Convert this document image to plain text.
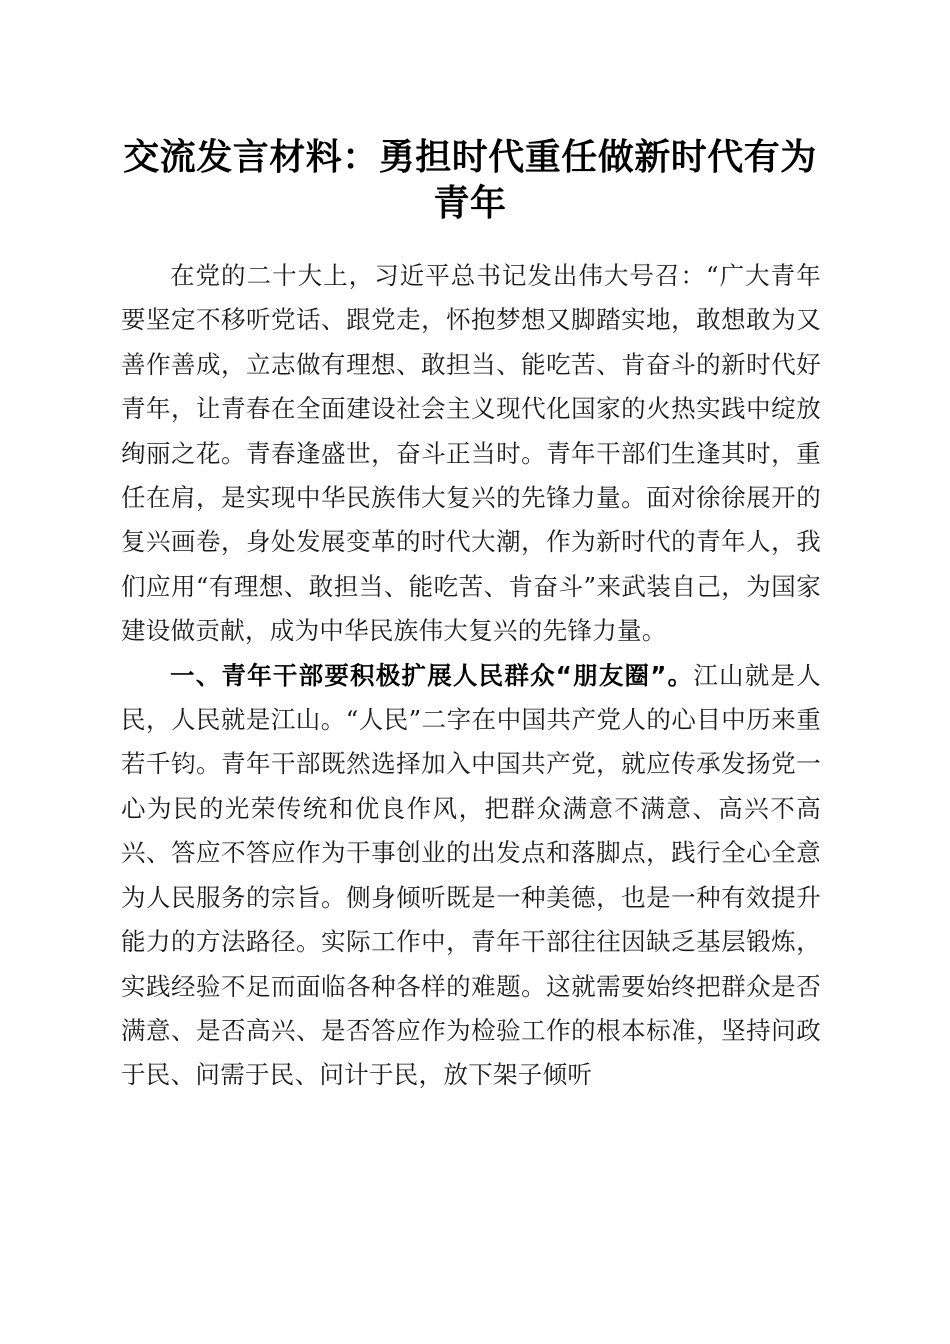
交流发言材料：勇担时代重任做新时代有为青年

在党的二十大上，习近平总书记发出伟大号召：“广大青年要坚定不移听党话、跟党走，怀抱梦想又脚踏实地，敢想敢为又善作善成，立志做有理想、敢担当、能吃苦、肯奋斗的新时代好青年，让青春在全面建设社会主义现代化国家的火热实践中绽放绚丽之花。青春逢盛世，奋斗正当时。青年干部们生逢其时，重任在肩，是实现中华民族伟大复兴的先锋力量。面对徐徐展开的复兴画卷，身处发展变革的时代大潮，作为新时代的青年人，我们应用“有理想、敢担当、能吃苦、肯奋斗”来武装自己，为国家建设做贡献，成为中华民族伟大复兴的先锋力量。

一、青年干部要积极扩展人民群众“朋友圈”。江山就是人民，人民就是江山。“人民”二字在中国共产党人的心目中历来重若千钧。青年干部既然选择加入中国共产党，就应传承发扬党一心为民的光荣传统和优良作风，把群众满意不满意、高兴不高兴、答应不答应作为干事创业的出发点和落脚点，践行全心全意为人民服务的宗旨。侧身倾听既是一种美德，也是一种有效提升能力的方法路径。实际工作中，青年干部往往因缺乏基层锻炼，实践经验不足而面临各种各样的难题。这就需要始终把群众是否满意、是否高兴、是否答应作为检验工作的根本标准，坚持问政于民、问需于民、问计于民，放下架子倾听
